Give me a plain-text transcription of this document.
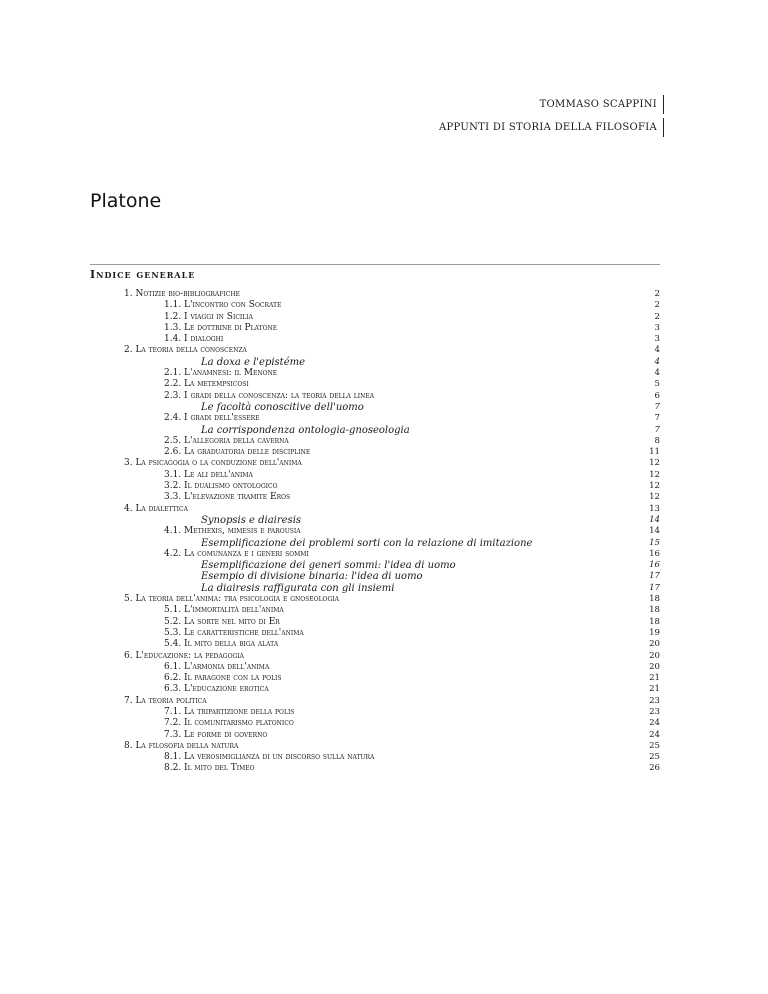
TOMMASO SCAPPINI
APPUNTI DI STORIA DELLA FILOSOFIA
Platone
Indice generale
1. Notizie bio-bibliografiche	2
1.1. L'incontro con Socrate	2
1.2. I viaggi in Sicilia	2
1.3. Le dottrine di Platone	3
1.4. I dialoghi	3
2. La teoria della conoscenza	4
La doxa e l'epistéme	4
2.1. L'anamnesi: il Menone	4
2.2. La metempsicosi	5
2.3. I gradi della conoscenza: la teoria della linea	6
Le facoltà conoscitive dell'uomo	7
2.4. I gradi dell'essere	7
La corrispondenza ontologia-gnoseologia	7
2.5. L'allegoria della caverna	8
2.6. La graduatoria delle discipline	11
3. La psicagogia o la conduzione dell'anima	12
3.1. Le ali dell'anima	12
3.2. Il dualismo ontologico	12
3.3. L'elevazione tramite Eros	12
4. La dialettica	13
Synopsis e diairesis	14
4.1. Methexis, mimesis e parousia	14
Esemplificazione dei problemi sorti con la relazione di imitazione	15
4.2. La comunanza e i generi sommi	16
Esemplificazione dei generi sommi: l'idea di uomo	16
Esempio di divisione binaria: l'idea di uomo	17
La diairesis raffigurata con gli insiemi	17
5. La teoria dell'anima: tra psicologia e gnoseologia	18
5.1. L'immortalità dell'anima	18
5.2. La sorte nel mito di Er	18
5.3. Le caratteristiche dell'anima	19
5.4. Il mito della biga alata	20
6. L'educazione: la pedagogia	20
6.1. L'armonia dell'anima	20
6.2. Il paragone con la polis	21
6.3. L'educazione erotica	21
7. La teoria politica	23
7.1. La tripartizione della polis	23
7.2. Il comunitarismo platonico	24
7.3. Le forme di governo	24
8. La filosofia della natura	25
8.1. La verosimiglianza di un discorso sulla natura	25
8.2. Il mito del Timeo	26
